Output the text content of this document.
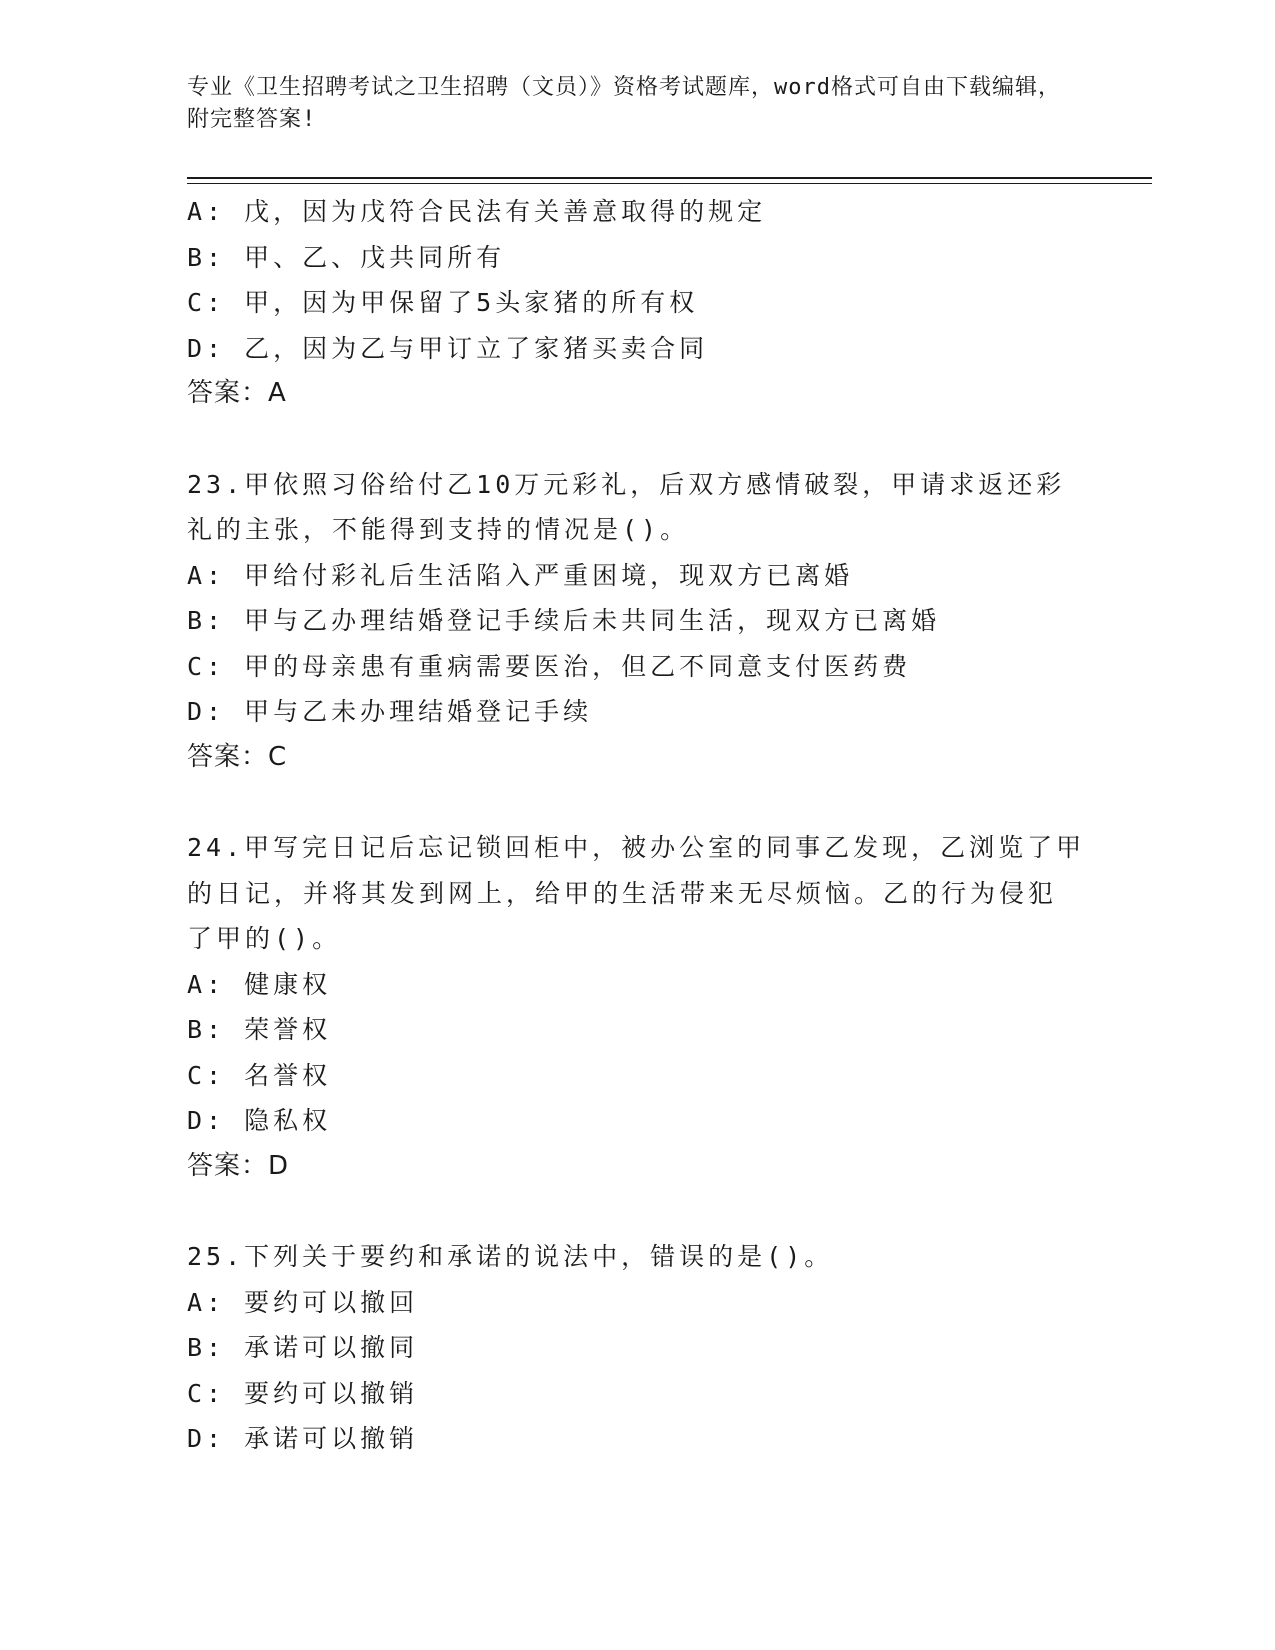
专业《卫生招聘考试之卫生招聘（文员）》资格考试题库，word格式可自由下载编辑，附完整答案!
A: 戊，因为戊符合民法有关善意取得的规定
B: 甲、乙、戊共同所有
C: 甲，因为甲保留了5头家猪的所有权
D: 乙，因为乙与甲订立了家猪买卖合同
答案：A
23.甲依照习俗给付乙10万元彩礼，后双方感情破裂，甲请求返还彩
礼的主张，不能得到支持的情况是()。
A: 甲给付彩礼后生活陷入严重困境，现双方已离婚
B: 甲与乙办理结婚登记手续后未共同生活，现双方已离婚
C: 甲的母亲患有重病需要医治，但乙不同意支付医药费
D: 甲与乙未办理结婚登记手续
答案：C
24.甲写完日记后忘记锁回柜中，被办公室的同事乙发现，乙浏览了甲
的日记，并将其发到网上，给甲的生活带来无尽烦恼。乙的行为侵犯
了甲的()。
A: 健康权
B: 荣誉权
C: 名誉权
D: 隐私权
答案：D
25.下列关于要约和承诺的说法中，错误的是()。
A: 要约可以撤回
B: 承诺可以撤同
C: 要约可以撤销
D: 承诺可以撤销
